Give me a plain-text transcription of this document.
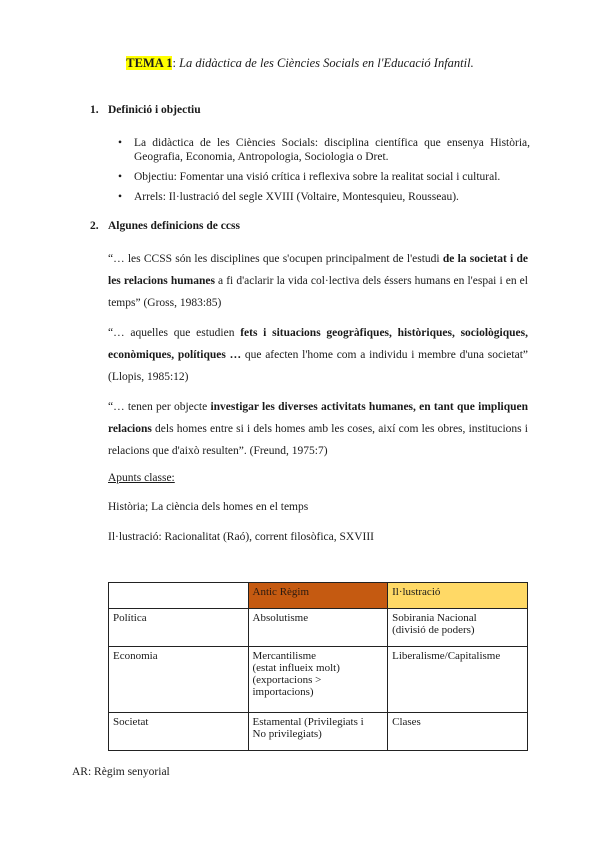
TEMA 1: La didàctica de les Ciències Socials en l'Educació Infantil.
1. Definició i objectiu
• La didàctica de les Ciències Socials: disciplina científica que ensenya Història, Geografia, Economia, Antropologia, Sociologia o Dret.
• Objectiu: Fomentar una visió crítica i reflexiva sobre la realitat social i cultural.
• Arrels: Il·lustració del segle XVIII (Voltaire, Montesquieu, Rousseau).
2. Algunes definicions de ccss

“… les CCSS són les disciplines que s'ocupen principalment de l'estudi de la societat i de les relacions humanes a fi d'aclarir la vida col·lectiva dels éssers humans en l'espai i en el temps” (Gross, 1983:85)

“… aquelles que estudien fets i situacions geogràfiques, històriques, sociològiques, econòmiques, polítiques … que afecten l'home com a individu i membre d'una societat” (Llopis, 1985:12)

“… tenen per objecte investigar les diverses activitats humanes, en tant que impliquen relacions dels homes entre si i dels homes amb les coses, així com les obres, institucions i relacions que d'això resulten”. (Freund, 1975:7)

Apunts classe:
Història; La ciència dels homes en el temps
Il·lustració: Racionalitat (Raó), corrent filosòfica, SXVIII
	Antic Règim	Il·lustració
Política	Absolutisme	Sobirania Nacional
(divisió de poders)
Economia	Mercantilisme
(estat influeix molt)
(exportacions >
importacions)	Liberalisme/Capitalisme
Societat	Estamental (Privilegiats i
No privilegiats)	Clases
AR: Règim senyorial
